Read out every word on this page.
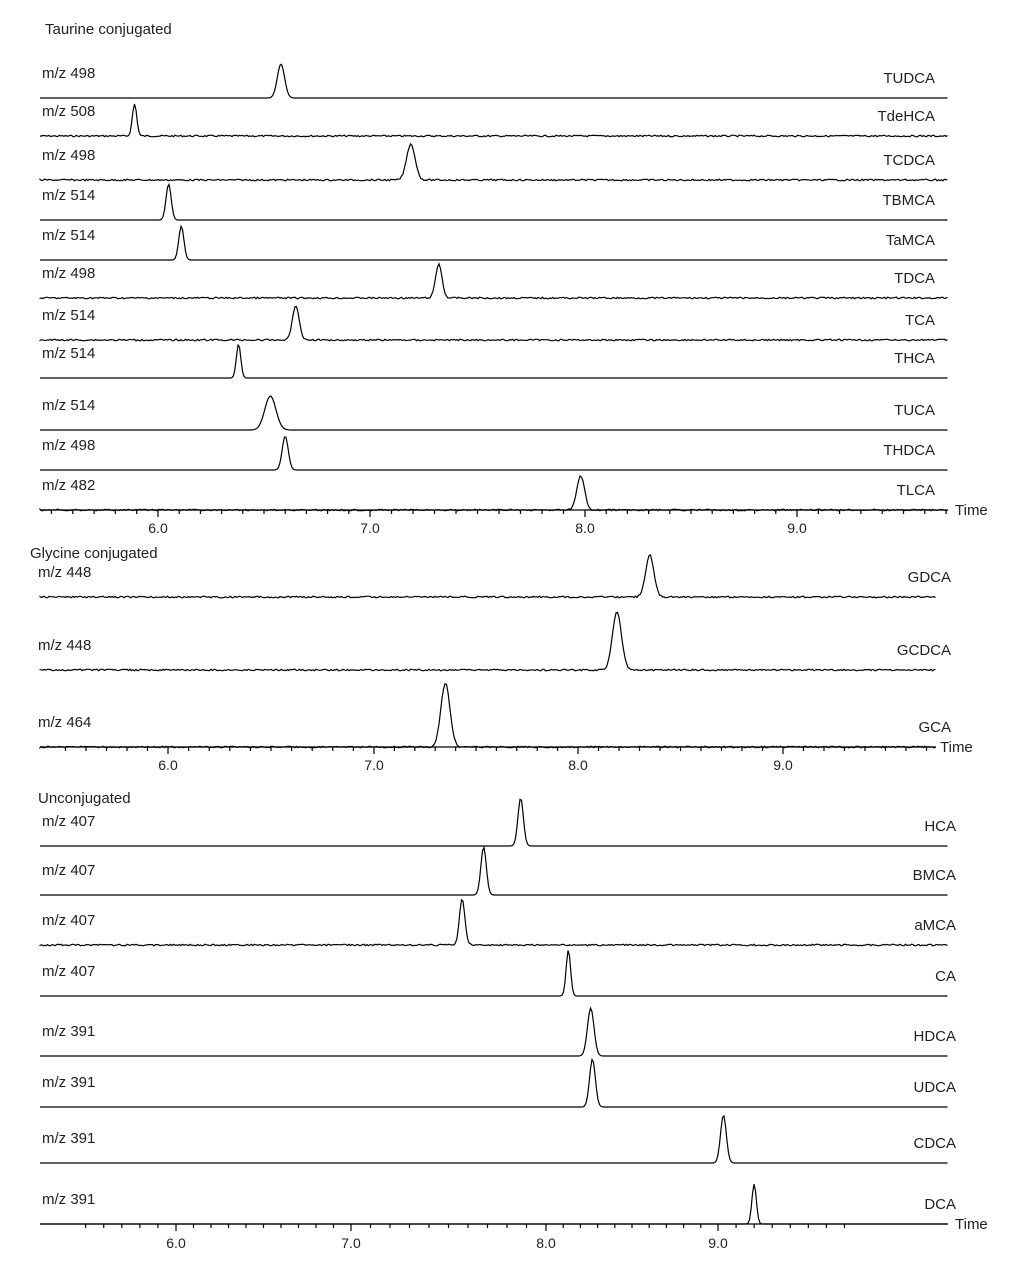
Taurine conjugated
m/z 498	TUDCA
m/z 508	TdeHCA
m/z 498	TCDCA
m/z 514	TBMCA
m/z 514	TaMCA
m/z 498	TDCA
m/z 514	TCA
m/z 514	THCA
m/z 514	TUCA
m/z 498	THDCA
m/z 482	TLCA
6.0	7.0	8.0	9.0
Time
Glycine conjugated
m/z 448	GDCA
m/z 448	GCDCA
m/z 464	GCA
6.0	7.0	8.0	9.0
Time
Unconjugated
m/z 407	HCA
m/z 407	BMCA
m/z 407	aMCA
m/z 407	CA
m/z 391	HDCA
m/z 391	UDCA
m/z 391	CDCA
m/z 391	DCA
6.0	7.0	8.0	9.0
Time
